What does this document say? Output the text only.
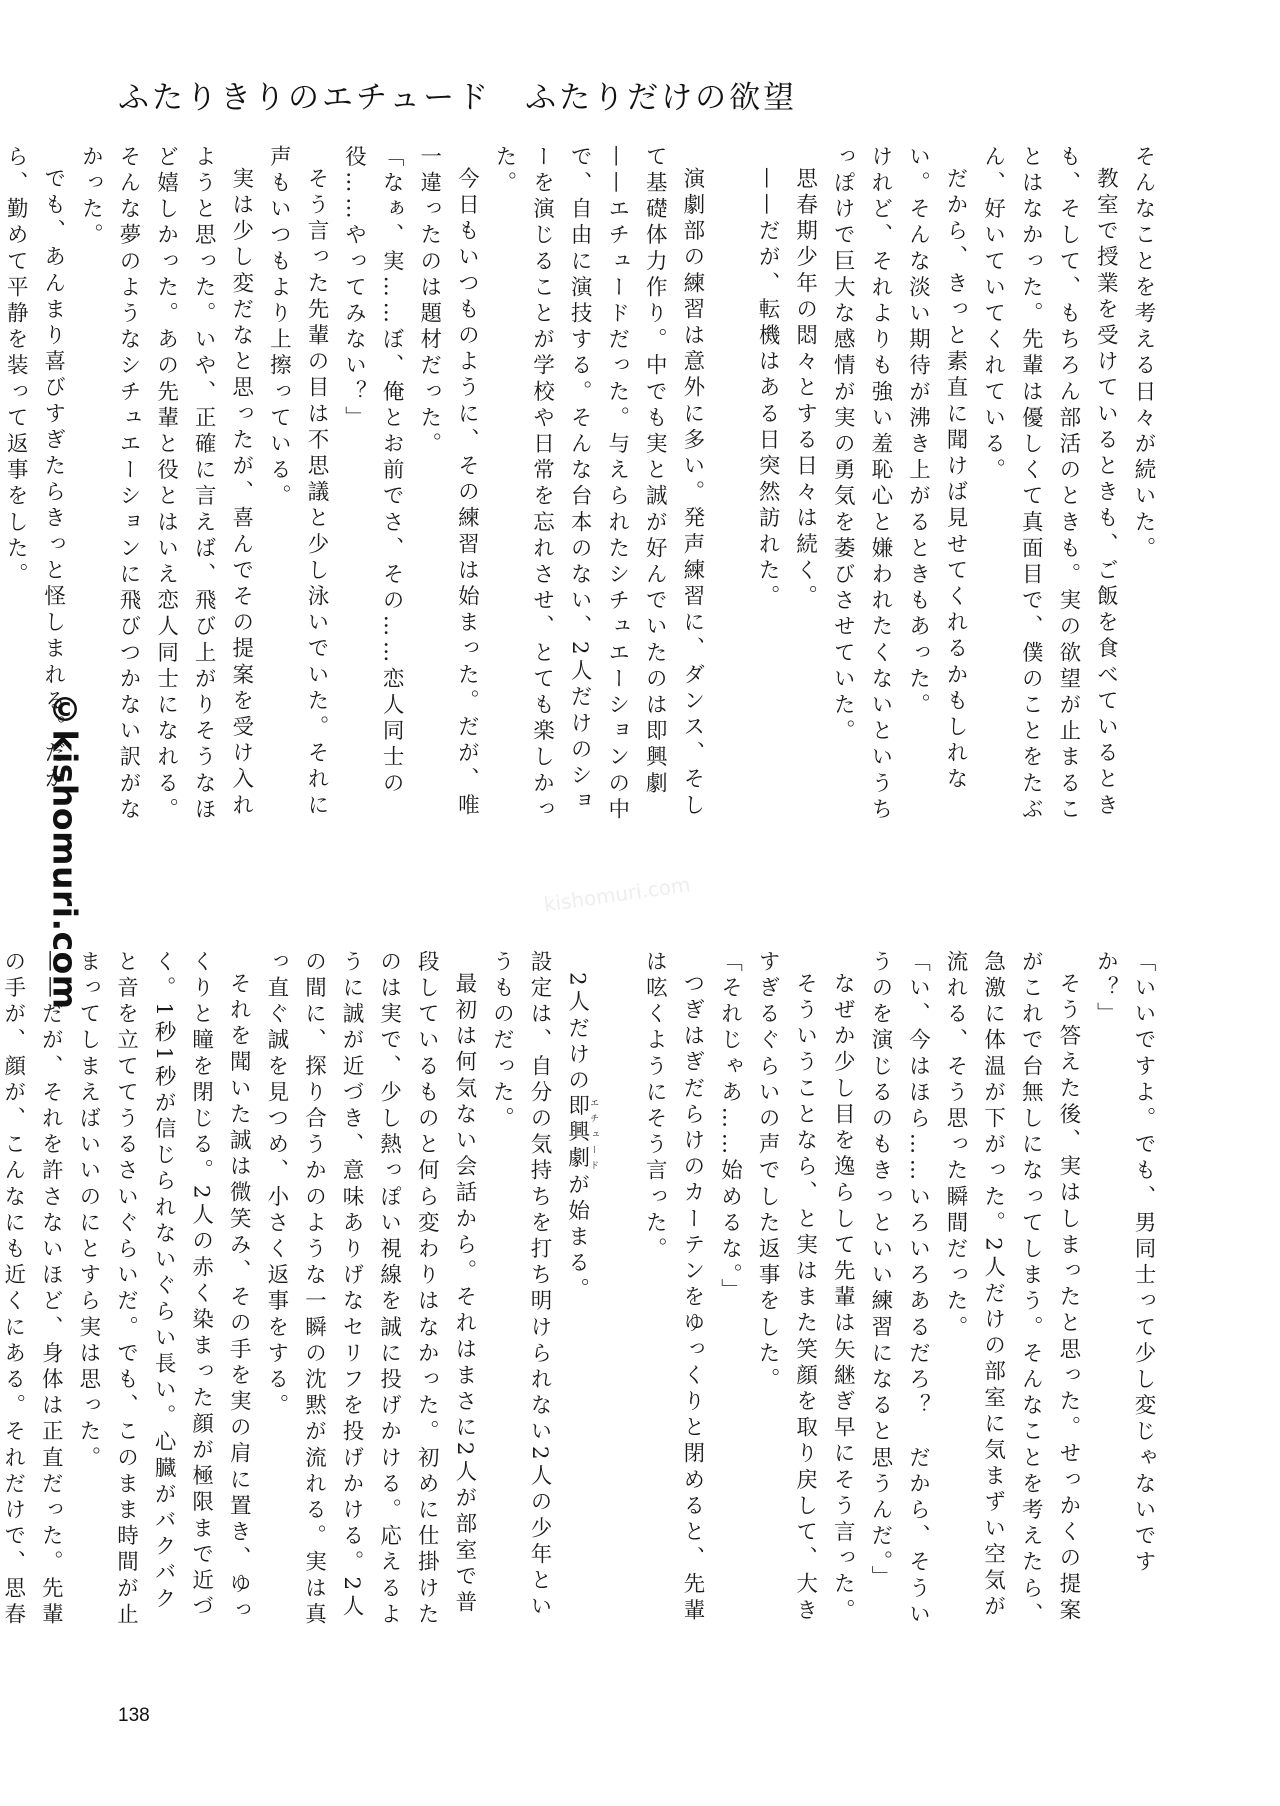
ふたりきりのエチュード ふたりだけの欲望
©kishomuri.com

そんなことを考える日々が続いた。

教室で授業を受けているときも、ご飯を食べているときも、そして、もちろん部活のときも。実の欲望が止まることはなかった。先輩は優しくて真面目で、僕のことをたぶん、好いていてくれている。

だから、きっと素直に聞けば見せてくれるかもしれない。そんな淡い期待が沸き上がるときもあった。

けれど、それよりも強い羞恥心と嫌われたくないというちっぽけで巨大な感情が実の勇気を萎びさせていた。

思春期少年の悶々とする日々は続く。

——だが、転機はある日突然訪れた。

演劇部の練習は意外に多い。発声練習に、ダンス、そして基礎体力作り。中でも実と誠が好んでいたのは即興劇——エチュードだった。与えられたシチュエーションの中で、自由に演技する。そんな台本のない、2人だけのショーを演じることが学校や日常を忘れさせ、とても楽しかった。

今日もいつものように、その練習は始まった。だが、唯一違ったのは題材だった。

「なぁ、実……ぼ、俺とお前でさ、その……恋人同士の役……やってみない？」

そう言った先輩の目は不思議と少し泳いでいた。それに声もいつもより上擦っている。

実は少し変だなと思ったが、喜んでその提案を受け入れようと思った。いや、正確に言えば、飛び上がりそうなほど嬉しかった。あの先輩と役とはいえ恋人同士になれる。そんな夢のようなシチュエーションに飛びつかない訳がなかった。

でも、あんまり喜びすぎたらきっと怪しまれる。だから、勤めて平静を装って返事をした。

kishomuri.com

「いいですよ。でも、男同士って少し変じゃないですか？」

そう答えた後、実はしまったと思った。せっかくの提案がこれで台無しになってしまう。そんなことを考えたら、急激に体温が下がった。2人だけの部室に気まずい空気が流れる、そう思った瞬間だった。

「い、今はほら……いろいろあるだろ？　だから、そういうのを演じるのもきっといい練習になると思うんだ。」

なぜか少し目を逸らして先輩は矢継ぎ早にそう言った。

そういうことなら、と実はまた笑顔を取り戻して、大きすぎるぐらいの声でした返事をした。

「それじゃあ……始めるな。」

つぎはぎだらけのカーテンをゆっくりと閉めると、先輩は呟くようにそう言った。

2人だけの即興劇エチュードが始まる。

設定は、自分の気持ちを打ち明けられない2人の少年というものだった。

最初は何気ない会話から。それはまさに2人が部室で普段しているものと何ら変わりはなかった。初めに仕掛けたのは実で、少し熱っぽい視線を誠に投げかける。応えるように誠が近づき、意味ありげなセリフを投げかける。2人の間に、探り合うかのような一瞬の沈黙が流れる。実は真っ直ぐ誠を見つめ、小さく返事をする。

それを聞いた誠は微笑み、その手を実の肩に置き、ゆっくりと瞳を閉じる。2人の赤く染まった顔が極限まで近づく。1秒1秒が信じられないぐらい長い。心臓がバクバクと音を立ててうるさいぐらいだ。でも、このまま時間が止まってしまえばいいのにとすら実は思った。

——だが、それを許さないほど、身体は正直だった。先輩の手が、顔が、こんなにも近くにある。それだけで、思春

138
